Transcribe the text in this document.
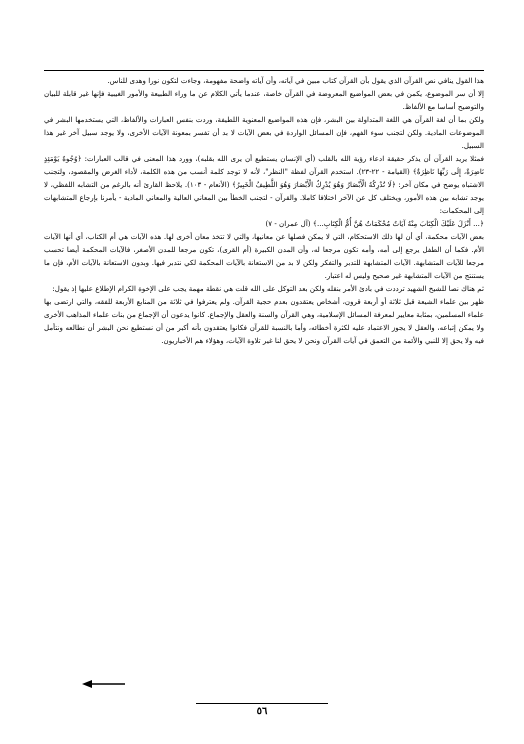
هذا القول ينافي نص القرآن الذي يقول بأن القرآن كتاب مبين في آياته، وأن آياته واضحة مفهومة، وجاءت لتكون نورا وهدى للناس.

إلا أن سر الموضوع، يكمن في بعض المواضيع المعروضة في القرآن خاصة، عندما يأتي الكلام عن ما وراء الطبيعة والأمور الغيبية فإنها غير قابلة للبيان والتوضيح أساسا مع الألفاظ.

ولكن بما أن لغة القرآن هي اللغة المتداولة بين البشر، فإن هذه المواضيع المعنوية اللطيفة، وردت بنفس العبارات والألفاظ، التي يستخدمها البشر في الموضوعات المادية. ولكن لتجنب سوء الفهم، فإن المسائل الواردة في بعض الآيات لا بد أن تفسر بمعونة الآيات الأخرى، ولا يوجد سبيل آخر غير هذا السبيل.

فمثلا يريد القرآن أن يذكر حقيقة ادعاء رؤية الله بالقلب (أي الإنسان يستطيع أن يرى الله بقلبه)، وورد هذا المعنى في قالب العبارات: ﴿وُجُوهٌ يَوْمَئِذٍ نَاضِرَةٌ، إِلَى رَبِّهَا نَاظِرَةٌ﴾ (القيامة - ٢٢-٢٣). استخدم القرآن لفظة "النظر"، لأنه لا توجد كلمة أنسب من هذه الكلمة، لأداء الغرض والمقصود، ولتجنب الاشتباه يوضح في مكان آخر: ﴿لَا تُدْرِكُهُ الْأَبْصَارُ وَهُوَ يُدْرِكُ الْأَبْصَارَ وَهُوَ اللَّطِيفُ الْخَبِيرُ﴾ (الأنعام - ١٠٣). يلاحظ القارئ أنه بالرغم من التشابه اللفظي، لا يوجد تشابه بين هذه الأمور، ويختلف كل عن الآخر اختلافا كاملا. والقرآن - لتجنب الخطأ بين المعاني العالية والمعاني المادية - يأمرنا بإرجاع المتشابهات إلى المحكمات:

﴿... أَنْزَلَ عَلَيْكَ الْكِتَابَ مِنْهُ آيَاتٌ مُحْكَمَاتٌ هُنَّ أُمُّ الْكِتَابِ...﴾ (آل عمران - ٧)

بعض الآيات محكمة، أي أن لها ذلك الاستحكام، التي لا يمكن فصلها عن معانيها، والتي لا تتخذ معان أخرى لها. هذه الآيات هي أم الكتاب، أي أنها الآيات الأم. فكما أن الطفل يرجع إلى أمه، وأمه تكون مرجعا له، وأن المدن الكبيرة (أم القرى)، تكون مرجعا للمدن الأصغر، فالآيات المحكمة أيضا تحسب مرجعا للآيات المتشابهة. الآيات المتشابهة للتدبر والتفكر ولكن لا بد من الاستعانة بالآيات المحكمة لكي نتدبر فيها. وبدون الاستعانة بالآيات الأم، فإن ما يستنتج من الآيات المتشابهة غير صحيح وليس له اعتبار.

ثم هناك نصا للشيخ الشهيد ترددت في بادئ الأمر بنقله ولكن بعد التوكل على الله قلت هي نقطة مهمة يجب على الإخوة الكرام الإطلاع عليها إذ يقول:

ظهر بين علماء الشيعة قبل ثلاثة أو أربعة قرون، أشخاص يعتقدون بعدم حجية القرآن. ولم يعترفوا في ثلاثة من المنابع الأربعة للفقه، والتي ارتضى بها علماء المسلمين، بمثابة معايير لمعرفة المسائل الإسلامية، وهي القرآن والسنة والعقل والإجماع. كانوا يدعون أن الإجماع من بنات علماء المذاهب الأخرى ولا يمكن إتباعه، والعقل لا يجوز الاعتماد عليه لكثرة أخطائه، وأما بالنسبة للقرآن فكانوا يعتقدون بأنه أكبر من أن نستطيع نحن البشر أن نطالعه ونتأمل فيه ولا يحق إلا للنبي والأئمة من التعمق في آيات القرآن ونحن لا يحق لنا غير تلاوة الآيات، وهؤلاء هم الأخباريون.

٥٦
